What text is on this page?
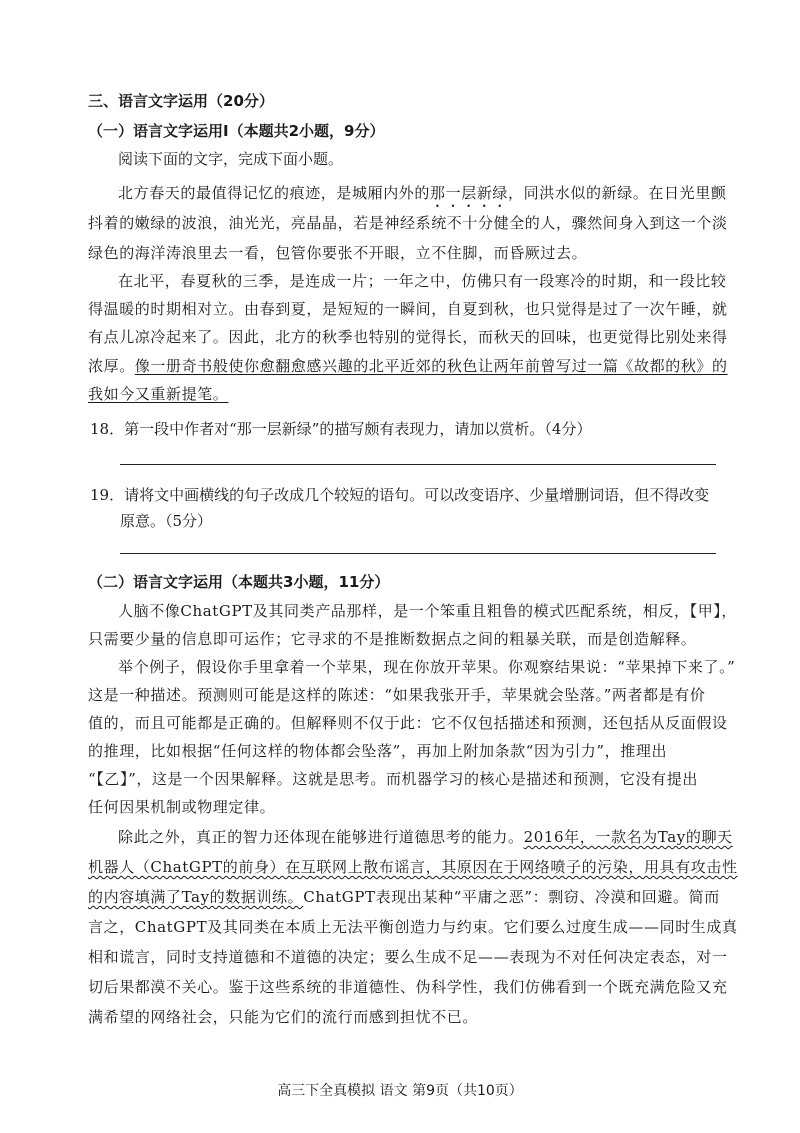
三、语言文字运用（20分）
（一）语言文字运用Ⅰ（本题共2小题，9分）
阅读下面的文字，完成下面小题。
北方春天的最值得记忆的痕迹，是城厢内外的那一层新绿，同洪水似的新绿。在日光里颤
抖着的嫩绿的波浪，油光光，亮晶晶，若是神经系统不十分健全的人，骤然间身入到这一个淡
绿色的海洋涛浪里去一看，包管你要张不开眼，立不住脚，而昏厥过去。
在北平，春夏秋的三季，是连成一片；一年之中，仿佛只有一段寒冷的时期，和一段比较
得温暖的时期相对立。由春到夏，是短短的一瞬间，自夏到秋，也只觉得是过了一次午睡，就
有点儿凉冷起来了。因此，北方的秋季也特别的觉得长，而秋天的回味，也更觉得比别处来得
浓厚。像一册奇书般使你愈翻愈感兴趣的北平近郊的秋色让两年前曾写过一篇《故都的秋》的
我如今又重新提笔。
18．第一段中作者对“那一层新绿”的描写颇有表现力，请加以赏析。（4分）
19．请将文中画横线的句子改成几个较短的语句。可以改变语序、少量增删词语，但不得改变
原意。（5分）
（二）语言文字运用（本题共3小题，11分）
人脑不像ChatGPT及其同类产品那样，是一个笨重且粗鲁的模式匹配系统，相反，【甲】，
只需要少量的信息即可运作；它寻求的不是推断数据点之间的粗暴关联，而是创造解释。
举个例子，假设你手里拿着一个苹果，现在你放开苹果。你观察结果说：“苹果掉下来了。”
这是一种描述。预测则可能是这样的陈述：“如果我张开手，苹果就会坠落。”两者都是有价
值的，而且可能都是正确的。但解释则不仅于此：它不仅包括描述和预测，还包括从反面假设
的推理，比如根据“任何这样的物体都会坠落”，再加上附加条款“因为引力”，推理出
“【乙】”，这是一个因果解释。这就是思考。而机器学习的核心是描述和预测，它没有提出
任何因果机制或物理定律。
除此之外，真正的智力还体现在能够进行道德思考的能力。2016年，一款名为Tay的聊天
机器人（ChatGPT的前身）在互联网上散布谣言，其原因在于网络喷子的污染，用具有攻击性
的内容填满了Tay的数据训练。ChatGPT表现出某种“平庸之恶”：剽窃、冷漠和回避。简而
言之，ChatGPT及其同类在本质上无法平衡创造力与约束。它们要么过度生成——同时生成真
相和谎言，同时支持道德和不道德的决定；要么生成不足——表现为不对任何决定表态，对一
切后果都漠不关心。鉴于这些系统的非道德性、伪科学性，我们仿佛看到一个既充满危险又充
满希望的网络社会，只能为它们的流行而感到担忧不已。
高三下全真模拟 语文 第9页（共10页）
